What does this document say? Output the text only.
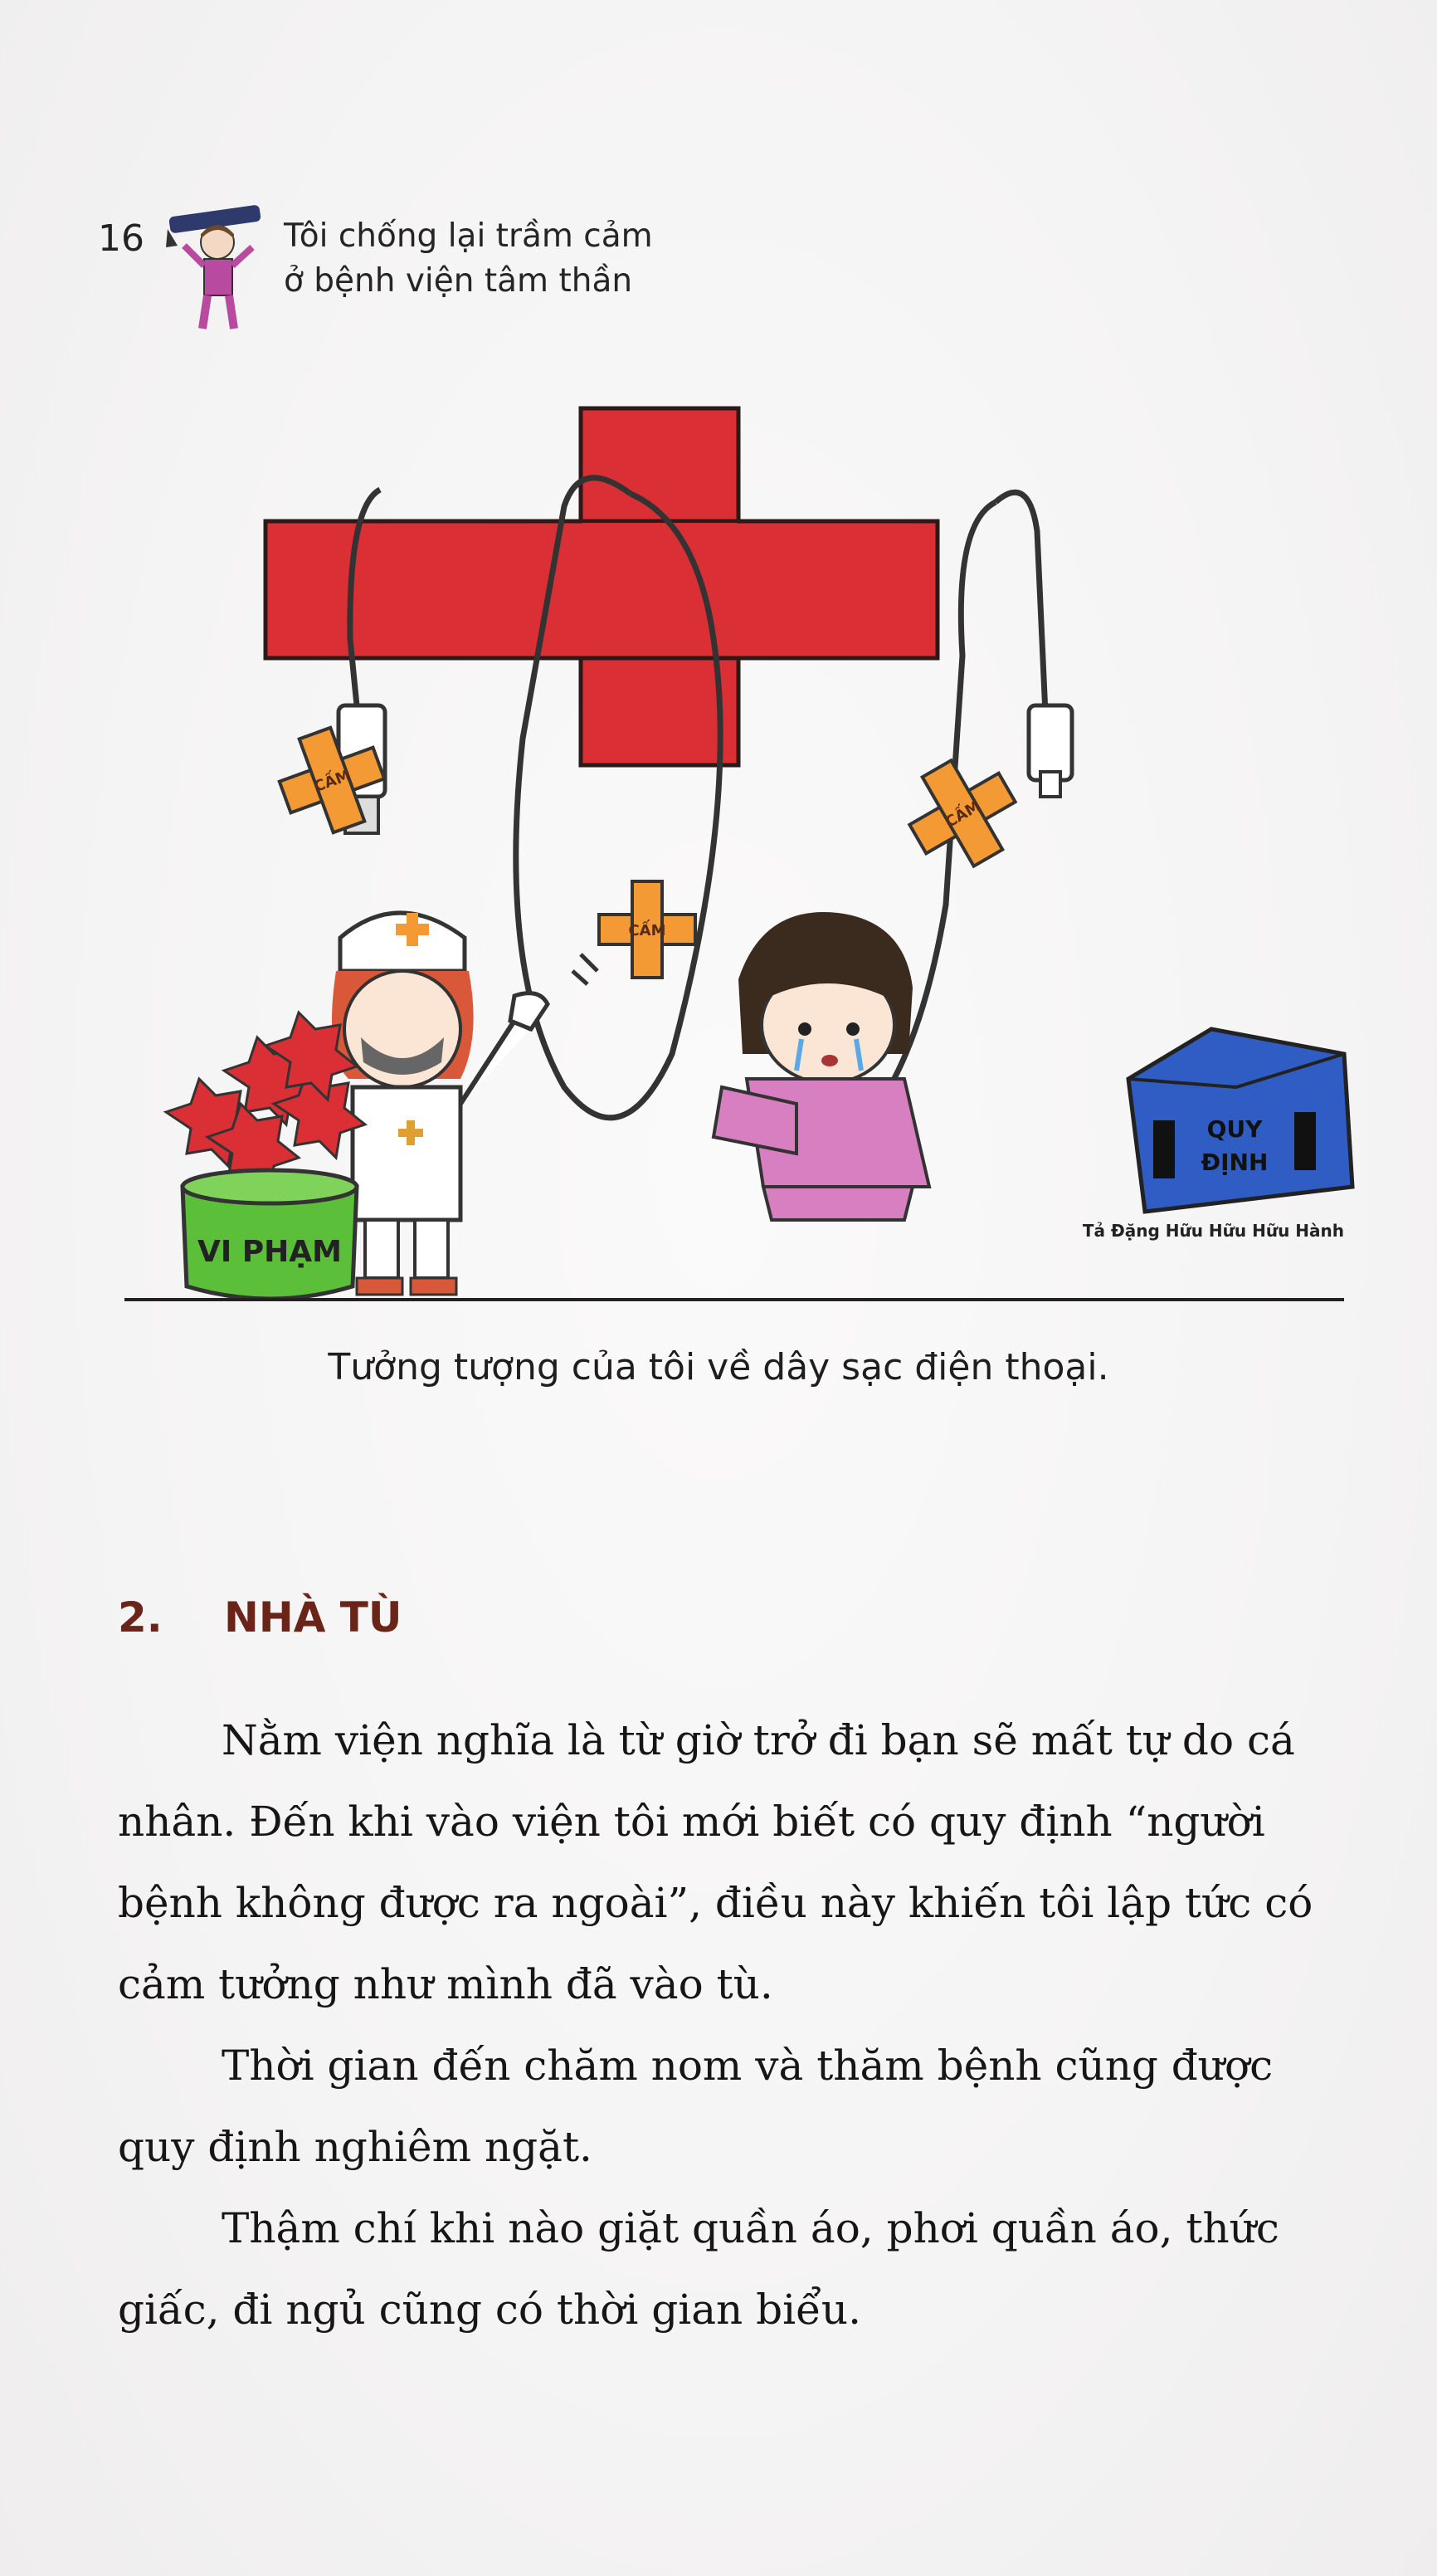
16	Tôi chống lại trầm cảm
ở bệnh viện tâm thần
CẤM
CẤM
CẤM
VI PHẠM
QUY
ĐỊNH
Tả Đặng Hữu Hữu Hữu Hành
Tưởng tượng của tôi về dây sạc điện thoại.
2. NHÀ TÙ

Nằm viện nghĩa là từ giờ trở đi bạn sẽ mất tự do cá
nhân. Đến khi vào viện tôi mới biết có quy định “người
bệnh không được ra ngoài”, điều này khiến tôi lập tức có
cảm tưởng như mình đã vào tù.

Thời gian đến chăm nom và thăm bệnh cũng được
quy định nghiêm ngặt.

Thậm chí khi nào giặt quần áo, phơi quần áo, thức
giấc, đi ngủ cũng có thời gian biểu.
